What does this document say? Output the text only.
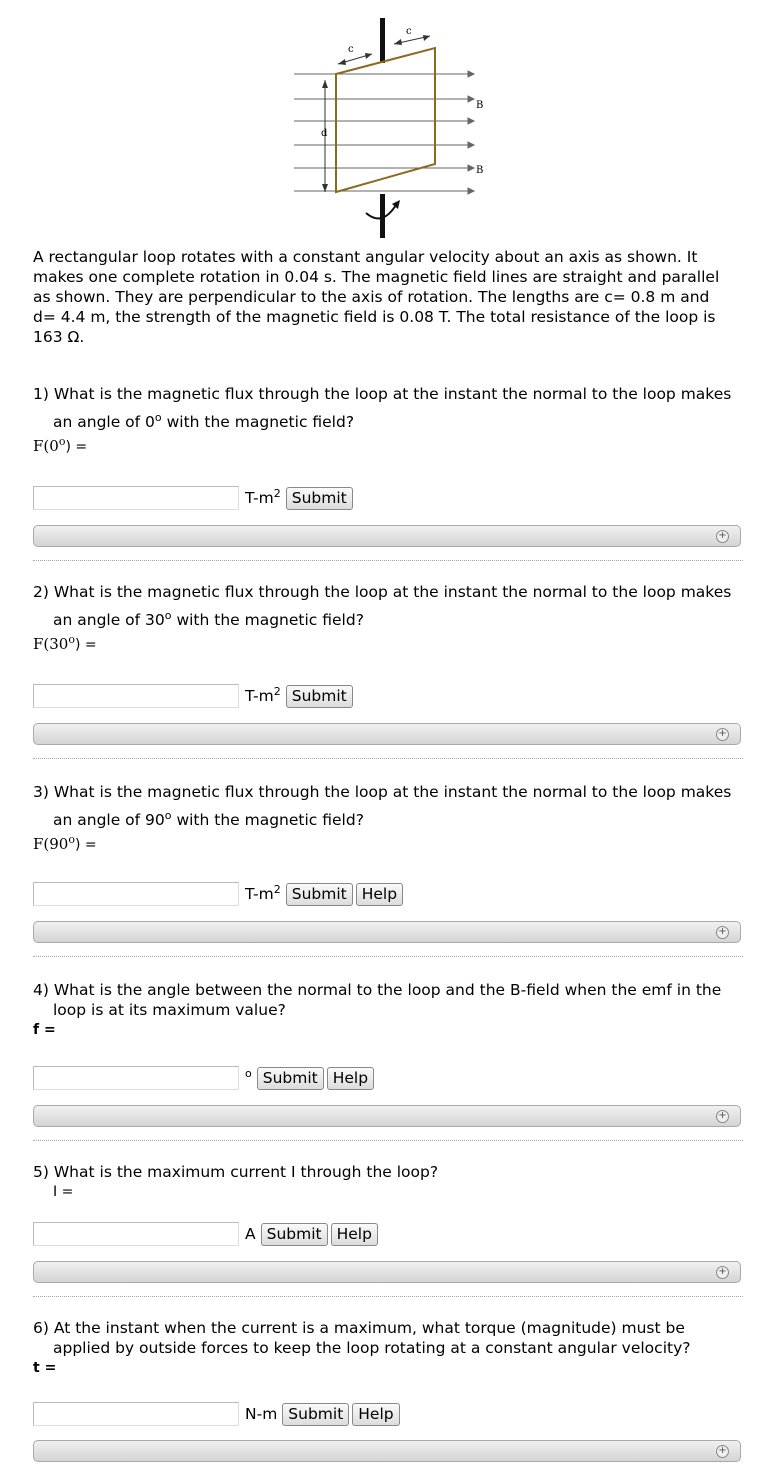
d
c
c
B
B
A rectangular loop rotates with a constant angular velocity about an axis as shown. It makes one complete rotation in 0.04 s. The magnetic field lines are straight and parallel as shown. They are perpendicular to the axis of rotation. The lengths are c= 0.8 m and d= 4.4 m, the strength of the magnetic field is 0.08 T. The total resistance of the loop is 163 Ω.
1) What is the magnetic flux through the loop at the instant the normal to the loop makes an angle of 0$^o$ with the magnetic field?
$F(0^o)$ =
$T-m^2$ Submit
+
2) What is the magnetic flux through the loop at the instant the normal to the loop makes an angle of 30$^o$ with the magnetic field?
$F(30^o)$ =
$T-m^2$ Submit
+
3) What is the magnetic flux through the loop at the instant the normal to the loop makes an angle of 90$^o$ with the magnetic field?
$F(90^o)$ =
$T-m^2$ Submit Help
+
4) What is the angle between the normal to the loop and the B-field when the emf in the loop is at its maximum value?
f =
$^o$ Submit Help
+
5) What is the maximum current I through the loop?
I =
A Submit Help
+
6) At the instant when the current is a maximum, what torque (magnitude) must be applied by outside forces to keep the loop rotating at a constant angular velocity?
t =
N-m Submit Help
+
